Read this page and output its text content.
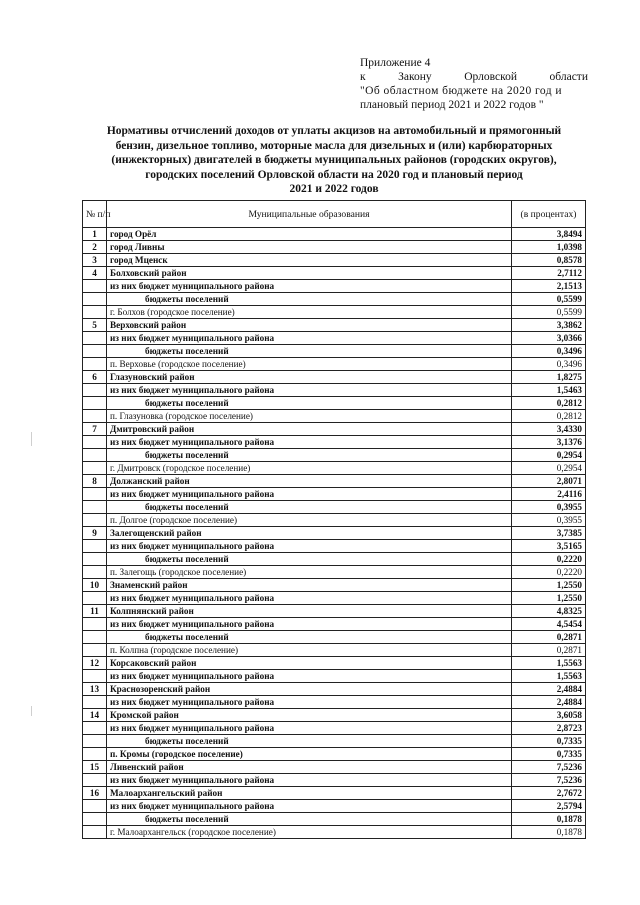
Приложение 4
к	Закону	Орловской	области
"Об областном бюджете на 2020 год и
плановый период 2021 и 2022 годов "
Нормативы отчислений доходов от уплаты акцизов на автомобильный и прямогонный
бензин, дизельное топливо, моторные масла для дизельных и (или) карбюраторных
(инжекторных) двигателей в бюджеты муниципальных районов (городских округов),
городских поселений Орловской области на 2020 год и плановый период
2021 и 2022 годов
№ п/п	Муниципальные образования	(в процентах)
1	город Орёл	3,8494
2	город Ливны	1,0398
3	город Мценск	0,8578
4	Болховский район	2,7112
	из них бюджет муниципального района	2,1513
	бюджеты поселений	0,5599
	г. Болхов (городское поселение)	0,5599
5	Верховский район	3,3862
	из них бюджет муниципального района	3,0366
	бюджеты поселений	0,3496
	п. Верховье (городское поселение)	0,3496
6	Глазуновский район	1,8275
	из них бюджет муниципального района	1,5463
	бюджеты поселений	0,2812
	п. Глазуновка (городское поселение)	0,2812
7	Дмитровский район	3,4330
	из них бюджет муниципального района	3,1376
	бюджеты поселений	0,2954
	г. Дмитровск (городское поселение)	0,2954
8	Должанский район	2,8071
	из них бюджет муниципального района	2,4116
	бюджеты поселений	0,3955
	п. Долгое (городское поселение)	0,3955
9	Залегощенский район	3,7385
	из них бюджет муниципального района	3,5165
	бюджеты поселений	0,2220
	п. Залегощь (городское поселение)	0,2220
10	Знаменский район	1,2550
	из них бюджет муниципального района	1,2550
11	Колпнянский район	4,8325
	из них бюджет муниципального района	4,5454
	бюджеты поселений	0,2871
	п. Колпна (городское поселение)	0,2871
12	Корсаковский район	1,5563
	из них бюджет муниципального района	1,5563
13	Краснозоренский район	2,4884
	из них бюджет муниципального района	2,4884
14	Кромской район	3,6058
	из них бюджет муниципального района	2,8723
	бюджеты поселений	0,7335
	п. Кромы (городское поселение)	0,7335
15	Ливенский район	7,5236
	из них бюджет муниципального района	7,5236
16	Малоархангельский район	2,7672
	из них бюджет муниципального района	2,5794
	бюджеты поселений	0,1878
	г. Малоархангельск (городское поселение)	0,1878
